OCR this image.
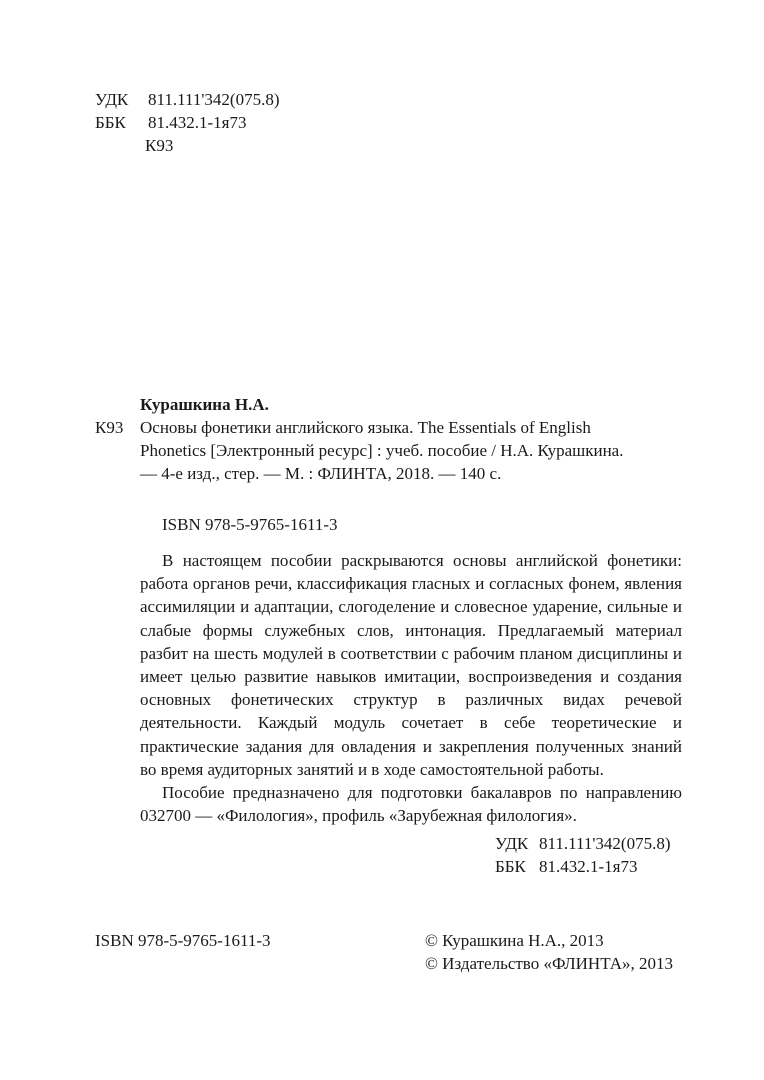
УДК 811.111'342(075.8)
ББК 81.432.1-1я73
К93
Курашкина Н.А.
К93 Основы фонетики английского языка. The Essentials of English
Phonetics [Электронный ресурс] : учеб. пособие / Н.А. Курашкина.
— 4-е изд., стер. — М. : ФЛИНТА, 2018. — 140 с.
ISBN 978-5-9765-1611-3

В настоящем пособии раскрываются основы английской фонетики: работа органов речи, классификация гласных и согласных фонем, явления ассимиляции и адаптации, слогоделение и словесное ударение, сильные и слабые формы служебных слов, интонация. Предлагаемый материал разбит на шесть модулей в соответствии с рабочим планом дисциплины и имеет целью развитие навыков имитации, воспроизведения и создания основных фонетических структур в различных видах речевой деятельности. Каждый модуль сочетает в себе теоретические и практические задания для овладения и закрепления полученных знаний во время аудиторных занятий и в ходе самостоятельной работы.

Пособие предназначено для подготовки бакалавров по направлению 032700 — «Филология», профиль «Зарубежная филология».

УДК 811.111'342(075.8)
ББК 81.432.1-1я73
ISBN 978-5-9765-1611-3	© Курашкина Н.А., 2013
© Издательство «ФЛИНТА», 2013
